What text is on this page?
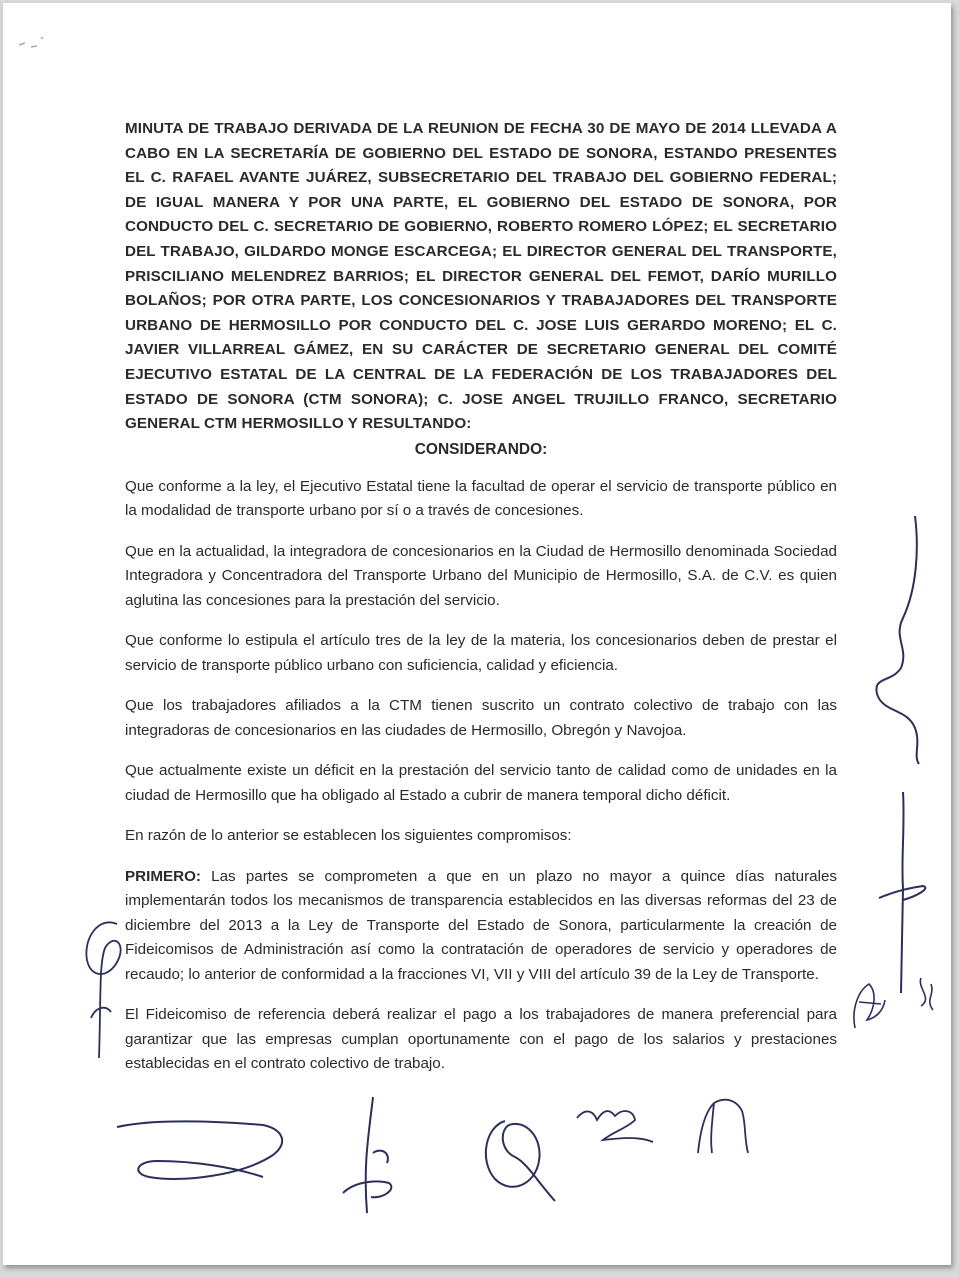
MINUTA DE TRABAJO DERIVADA DE LA REUNION DE FECHA 30 DE MAYO DE 2014 LLEVADA A CABO EN LA SECRETARÍA DE GOBIERNO DEL ESTADO DE SONORA, ESTANDO PRESENTES EL C. RAFAEL AVANTE JUÁREZ, SUBSECRETARIO DEL TRABAJO DEL GOBIERNO FEDERAL; DE IGUAL MANERA Y POR UNA PARTE, EL GOBIERNO DEL ESTADO DE SONORA, POR CONDUCTO DEL C. SECRETARIO DE GOBIERNO, ROBERTO ROMERO LÓPEZ; EL SECRETARIO DEL TRABAJO, GILDARDO MONGE ESCARCEGA; EL DIRECTOR GENERAL DEL TRANSPORTE, PRISCILIANO MELENDREZ BARRIOS; EL DIRECTOR GENERAL DEL FEMOT, DARÍO MURILLO BOLAÑOS; POR OTRA PARTE, LOS CONCESIONARIOS Y TRABAJADORES DEL TRANSPORTE URBANO DE HERMOSILLO POR CONDUCTO DEL C. JOSE LUIS GERARDO MORENO; EL C. JAVIER VILLARREAL GÁMEZ, EN SU CARÁCTER DE SECRETARIO GENERAL DEL COMITÉ EJECUTIVO ESTATAL DE LA CENTRAL DE LA FEDERACIÓN DE LOS TRABAJADORES DEL ESTADO DE SONORA (CTM SONORA); C. JOSE ANGEL TRUJILLO FRANCO, SECRETARIO GENERAL CTM HERMOSILLO Y RESULTANDO:

CONSIDERANDO:

Que conforme a la ley, el Ejecutivo Estatal tiene la facultad de operar el servicio de transporte público en la modalidad de transporte urbano por sí o a través de concesiones.

Que en la actualidad, la integradora de concesionarios en la Ciudad de Hermosillo denominada Sociedad Integradora y Concentradora del Transporte Urbano del Municipio de Hermosillo, S.A. de C.V. es quien aglutina las concesiones para la prestación del servicio.

Que conforme lo estipula el artículo tres de la ley de la materia, los concesionarios deben de prestar el servicio de transporte público urbano con suficiencia, calidad y eficiencia.

Que los trabajadores afiliados a la CTM tienen suscrito un contrato colectivo de trabajo con las integradoras de concesionarios en las ciudades de Hermosillo, Obregón y Navojoa.

Que actualmente existe un déficit en la prestación del servicio tanto de calidad como de unidades en la ciudad de Hermosillo que ha obligado al Estado a cubrir de manera temporal dicho déficit.

En razón de lo anterior se establecen los siguientes compromisos:

PRIMERO: Las partes se comprometen a que en un plazo no mayor a quince días naturales implementarán todos los mecanismos de transparencia establecidos en las diversas reformas del 23 de diciembre del 2013 a la Ley de Transporte del Estado de Sonora, particularmente la creación de Fideicomisos de Administración así como la contratación de operadores de servicio y operadores de recaudo; lo anterior de conformidad a la fracciones VI, VII y VIII del artículo 39 de la Ley de Transporte.

El Fideicomiso de referencia deberá realizar el pago a los trabajadores de manera preferencial para garantizar que las empresas cumplan oportunamente con el pago de los salarios y prestaciones establecidas en el contrato colectivo de trabajo.
